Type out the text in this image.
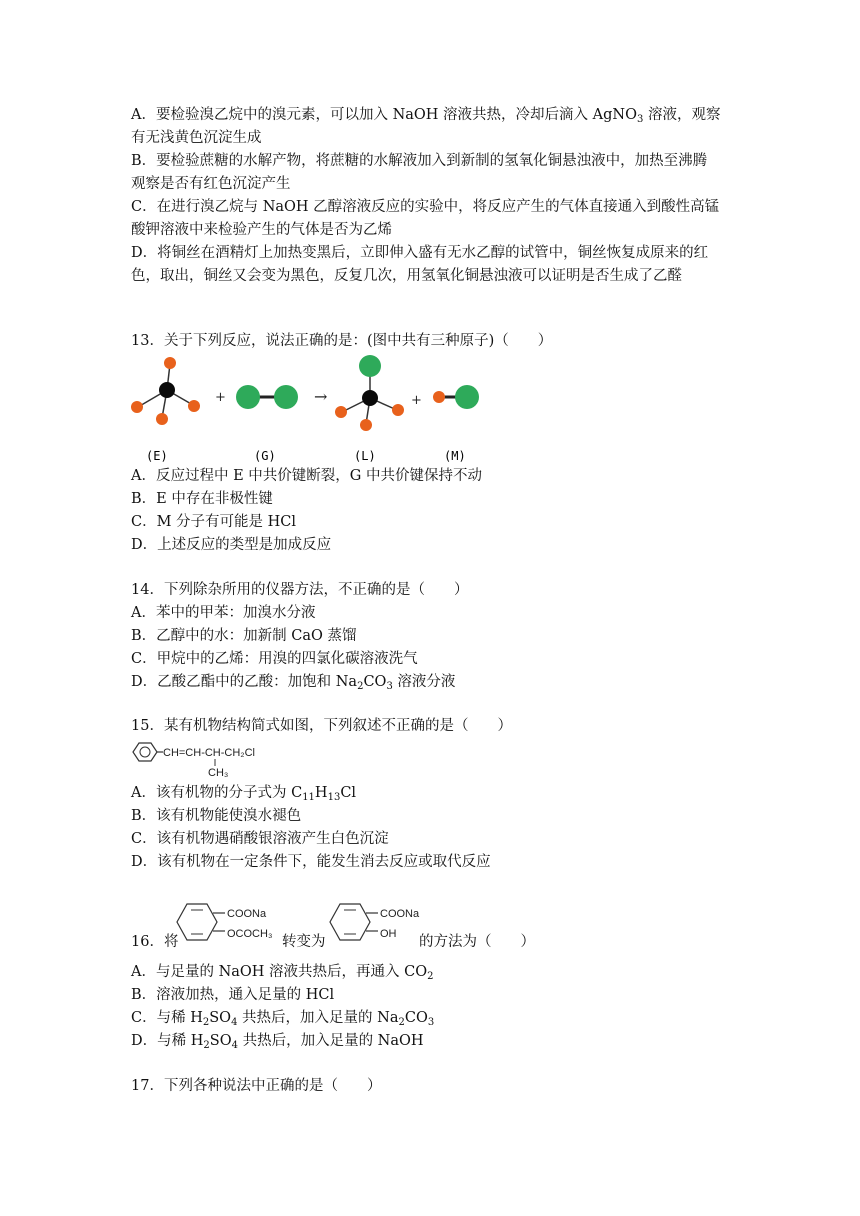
A．要检验溴乙烷中的溴元素，可以加入 NaOH 溶液共热，冷却后滴入 AgNO$_3$ 溶液，观察
有无浅黄色沉淀生成
B．要检验蔗糖的水解产物，将蔗糖的水解液加入到新制的氢氧化铜悬浊液中，加热至沸腾
观察是否有红色沉淀产生
C．在进行溴乙烷与 NaOH 乙醇溶液反应的实验中，将反应产生的气体直接通入到酸性高锰
酸钾溶液中来检验产生的气体是否为乙烯
D．将铜丝在酒精灯上加热变黑后，立即伸入盛有无水乙醇的试管中，铜丝恢复成原来的红
色，取出，铜丝又会变为黑色，反复几次，用氢氧化铜悬浊液可以证明是否生成了乙醛
13．关于下列反应，说法正确的是：(图中共有三种原子)（　　）
+	→	+
(E)	(G)	(L)	(M)
A．反应过程中 E 中共价键断裂，G 中共价键保持不动
B．E 中存在非极性键
C．M 分子有可能是 HCl
D．上述反应的类型是加成反应
14．下列除杂所用的仪器方法，不正确的是（　　）
A．苯中的甲苯：加溴水分液
B．乙醇中的水：加新制 CaO 蒸馏
C．甲烷中的乙烯：用溴的四氯化碳溶液洗气
D．乙酸乙酯中的乙酸：加饱和 $Na_2CO_3$ 溶液分液
15．某有机物结构简式如图，下列叙述不正确的是（　　）
CH=CH-CH-CH₂Cl
CH₃
A．该有机物的分子式为 $C_{11}H_{13}Cl$
B．该有机物能使溴水褪色
C．该有机物遇硝酸银溶液产生白色沉淀
D．该有机物在一定条件下，能发生消去反应或取代反应
16．将
COONa
OCOCH₃ 转变为
COONa
OH 的方法为（　　）
A．与足量的 NaOH 溶液共热后，再通入 $CO_2$
B．溶液加热，通入足量的 HCl
C．与稀 $H_2SO_4$ 共热后，加入足量的 $Na_2CO_3$
D．与稀 $H_2SO_4$ 共热后，加入足量的 NaOH
17．下列各种说法中正确的是（　　）
